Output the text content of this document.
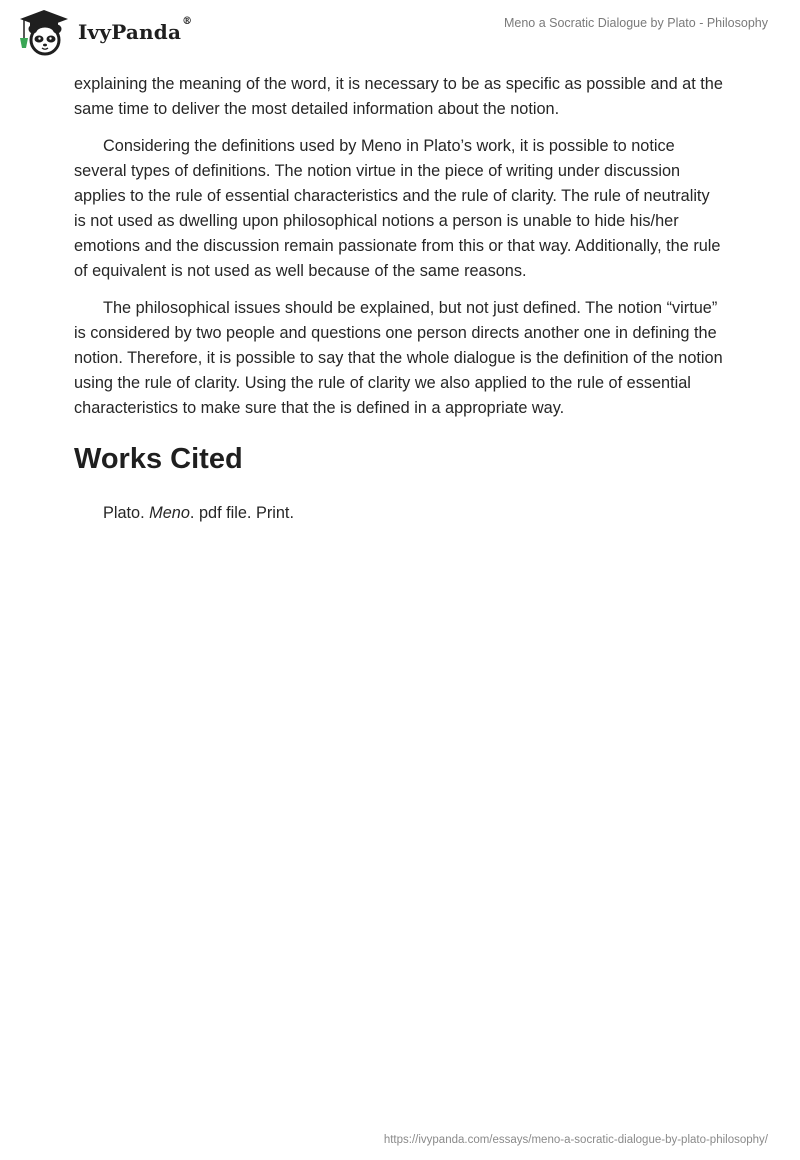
IvyPanda®	Meno a Socratic Dialogue by Plato - Philosophy

explaining the meaning of the word, it is necessary to be as specific as possible and at the same time to deliver the most detailed information about the notion.

Considering the definitions used by Meno in Plato’s work, it is possible to notice several types of definitions. The notion virtue in the piece of writing under discussion applies to the rule of essential characteristics and the rule of clarity. The rule of neutrality is not used as dwelling upon philosophical notions a person is unable to hide his/her emotions and the discussion remain passionate from this or that way. Additionally, the rule of equivalent is not used as well because of the same reasons.

The philosophical issues should be explained, but not just defined. The notion “virtue” is considered by two people and questions one person directs another one in defining the notion. Therefore, it is possible to say that the whole dialogue is the definition of the notion using the rule of clarity. Using the rule of clarity we also applied to the rule of essential characteristics to make sure that the is defined in a appropriate way.

Works Cited

Plato. Meno. pdf file. Print.

https://ivypanda.com/essays/meno-a-socratic-dialogue-by-plato-philosophy/
